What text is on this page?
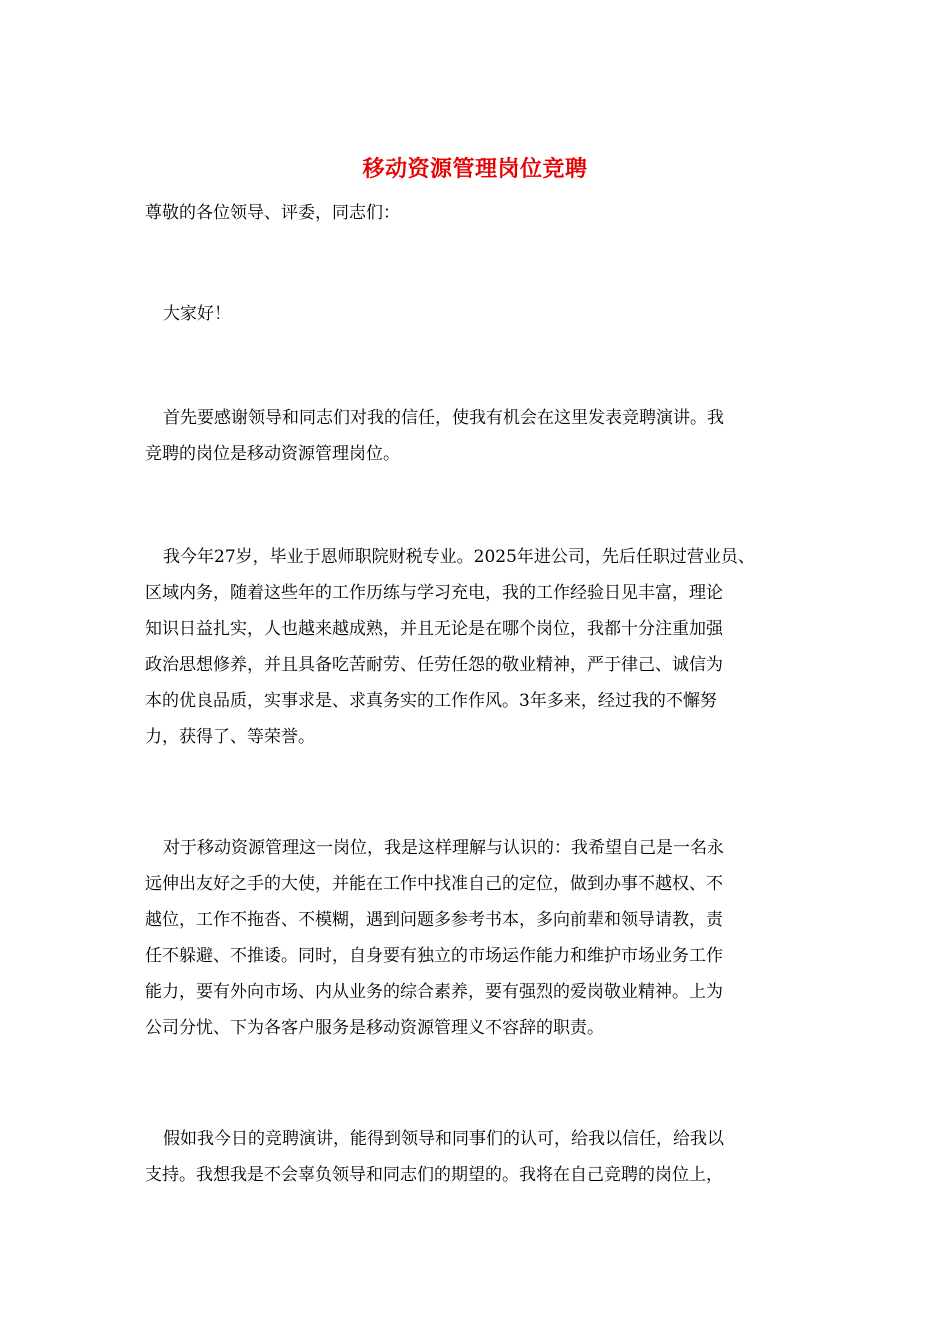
移动资源管理岗位竞聘
尊敬的各位领导、评委，同志们：
大家好！
首先要感谢领导和同志们对我的信任，使我有机会在这里发表竞聘演讲。我
竞聘的岗位是移动资源管理岗位。
我今年27岁，毕业于恩师职院财税专业。2025年进公司，先后任职过营业员、
区域内务，随着这些年的工作历练与学习充电，我的工作经验日见丰富，理论
知识日益扎实，人也越来越成熟，并且无论是在哪个岗位，我都十分注重加强
政治思想修养，并且具备吃苦耐劳、任劳任怨的敬业精神，严于律己、诚信为
本的优良品质，实事求是、求真务实的工作作风。3年多来，经过我的不懈努
力，获得了、等荣誉。
对于移动资源管理这一岗位，我是这样理解与认识的：我希望自己是一名永
远伸出友好之手的大使，并能在工作中找准自己的定位，做到办事不越权、不
越位，工作不拖沓、不模糊，遇到问题多参考书本，多向前辈和领导请教，责
任不躲避、不推诿。同时，自身要有独立的市场运作能力和维护市场业务工作
能力，要有外向市场、内从业务的综合素养，要有强烈的爱岗敬业精神。上为
公司分忧、下为各客户服务是移动资源管理义不容辞的职责。
假如我今日的竞聘演讲，能得到领导和同事们的认可，给我以信任，给我以
支持。我想我是不会辜负领导和同志们的期望的。我将在自己竞聘的岗位上，
